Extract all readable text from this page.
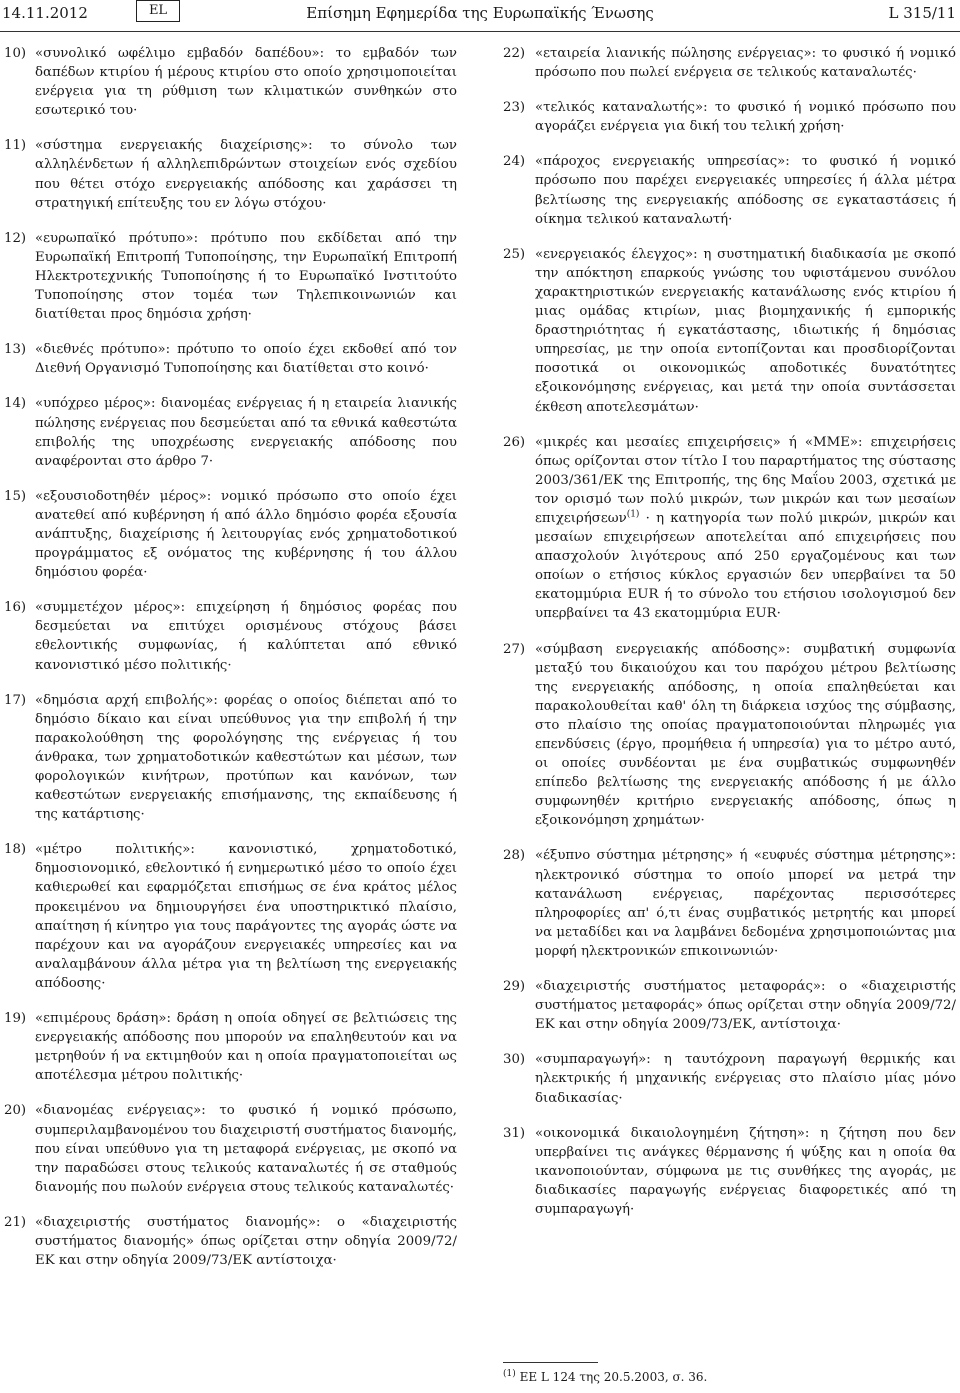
14.11.2012	EL	Επίσημη Εφημερίδα της Ευρωπαϊκής Ένωσης	L 315/11
10) «συνολικό ωφέλιμο εμβαδόν δαπέδου»: το εμβαδόν των δαπέδων κτιρίου ή μέρους κτιρίου στο οποίο χρησιμοποιείται ενέργεια για τη ρύθμιση των κλιματικών συνθηκών στο εσωτερικό του·
11) «σύστημα ενεργειακής διαχείρισης»: το σύνολο των αλληλένδετων ή αλληλεπιδρώντων στοιχείων ενός σχεδίου που θέτει στόχο ενεργειακής απόδοσης και χαράσσει τη στρατηγική επίτευξης του εν λόγω στόχου·
12) «ευρωπαϊκό πρότυπο»: πρότυπο που εκδίδεται από την Ευρωπαϊκή Επιτροπή Τυποποίησης, την Ευρωπαϊκή Επιτροπή Ηλεκτροτεχνικής Τυποποίησης ή το Ευρωπαϊκό Ινστιτούτο Τυποποίησης στον τομέα των Τηλεπικοινωνιών και διατίθεται προς δημόσια χρήση·
13) «διεθνές πρότυπο»: πρότυπο το οποίο έχει εκδοθεί από τον Διεθνή Οργανισμό Τυποποίησης και διατίθεται στο κοινό·
14) «υπόχρεο μέρος»: διανομέας ενέργειας ή η εταιρεία λιανικής πώλησης ενέργειας που δεσμεύεται από τα εθνικά καθεστώτα επιβολής της υποχρέωσης ενεργειακής απόδοσης που αναφέρονται στο άρθρο 7·
15) «εξουσιοδοτηθέν μέρος»: νομικό πρόσωπο στο οποίο έχει ανατεθεί από κυβέρνηση ή από άλλο δημόσιο φορέα εξουσία ανάπτυξης, διαχείρισης ή λειτουργίας ενός χρηματοδοτικού προγράμματος εξ ονόματος της κυβέρνησης ή του άλλου δημόσιου φορέα·
16) «συμμετέχον μέρος»: επιχείρηση ή δημόσιος φορέας που δεσμεύεται να επιτύχει ορισμένους στόχους βάσει εθελοντικής συμφωνίας, ή καλύπτεται από εθνικό κανονιστικό μέσο πολιτικής·
17) «δημόσια αρχή επιβολής»: φορέας ο οποίος διέπεται από το δημόσιο δίκαιο και είναι υπεύθυνος για την επιβολή ή την παρακολούθηση της φορολόγησης της ενέργειας ή του άνθρακα, των χρηματοδοτικών καθεστώτων και μέσων, των φορολογικών κινήτρων, προτύπων και κανόνων, των καθεστώτων ενεργειακής επισήμανσης, της εκπαίδευσης ή της κατάρτισης·
18) «μέτρο πολιτικής»: κανονιστικό, χρηματοδοτικό, δημοσιονομικό, εθελοντικό ή ενημερωτικό μέσο το οποίο έχει καθιερωθεί και εφαρμόζεται επισήμως σε ένα κράτος μέλος προκειμένου να δημιουργήσει ένα υποστηρικτικό πλαίσιο, απαίτηση ή κίνητρο για τους παράγοντες της αγοράς ώστε να παρέχουν και να αγοράζουν ενεργειακές υπηρεσίες και να αναλαμβάνουν άλλα μέτρα για τη βελτίωση της ενεργειακής απόδοσης·
19) «επιμέρους δράση»: δράση η οποία οδηγεί σε βελτιώσεις της ενεργειακής απόδοσης που μπορούν να επαληθευτούν και να μετρηθούν ή να εκτιμηθούν και η οποία πραγματοποιείται ως αποτέλεσμα μέτρου πολιτικής·
20) «διανομέας ενέργειας»: το φυσικό ή νομικό πρόσωπο, συμπεριλαμβανομένου του διαχειριστή συστήματος διανομής, που είναι υπεύθυνο για τη μεταφορά ενέργειας, με σκοπό να την παραδώσει στους τελικούς καταναλωτές ή σε σταθμούς διανομής που πωλούν ενέργεια στους τελικούς καταναλωτές·
21) «διαχειριστής συστήματος διανομής»: ο «διαχειριστής συστήματος διανομής» όπως ορίζεται στην οδηγία 2009/72/ΕΚ και στην οδηγία 2009/73/ΕΚ αντίστοιχα·
22) «εταιρεία λιανικής πώλησης ενέργειας»: το φυσικό ή νομικό πρόσωπο που πωλεί ενέργεια σε τελικούς καταναλωτές·
23) «τελικός καταναλωτής»: το φυσικό ή νομικό πρόσωπο που αγοράζει ενέργεια για δική του τελική χρήση·
24) «πάροχος ενεργειακής υπηρεσίας»: το φυσικό ή νομικό πρόσωπο που παρέχει ενεργειακές υπηρεσίες ή άλλα μέτρα βελτίωσης της ενεργειακής απόδοσης σε εγκαταστάσεις ή οίκημα τελικού καταναλωτή·
25) «ενεργειακός έλεγχος»: η συστηματική διαδικασία με σκοπό την απόκτηση επαρκούς γνώσης του υφιστάμενου συνόλου χαρακτηριστικών ενεργειακής κατανάλωσης ενός κτιρίου ή μιας ομάδας κτιρίων, μιας βιομηχανικής ή εμπορικής δραστηριότητας ή εγκατάστασης, ιδιωτικής ή δημόσιας υπηρεσίας, με την οποία εντοπίζονται και προσδιορίζονται ποσοτικά οι οικονομικώς αποδοτικές δυνατότητες εξοικονόμησης ενέργειας, και μετά την οποία συντάσσεται έκθεση αποτελεσμάτων·
26) «μικρές και μεσαίες επιχειρήσεις» ή «ΜΜΕ»: επιχειρήσεις όπως ορίζονται στον τίτλο I του παραρτήματος της σύστασης 2003/361/ΕΚ της Επιτροπής, της 6ης Μαΐου 2003, σχετικά με τον ορισμό των πολύ μικρών, των μικρών και των μεσαίων επιχειρήσεων$^{(1)}$ · η κατηγορία των πολύ μικρών, μικρών και μεσαίων επιχειρήσεων αποτελείται από επιχειρήσεις που απασχολούν λιγότερους από 250 εργαζομένους και των οποίων ο ετήσιος κύκλος εργασιών δεν υπερβαίνει τα 50 εκατομμύρια EUR ή το σύνολο του ετήσιου ισολογισμού δεν υπερβαίνει τα 43 εκατομμύρια EUR·
27) «σύμβαση ενεργειακής απόδοσης»: συμβατική συμφωνία μεταξύ του δικαιούχου και του παρόχου μέτρου βελτίωσης της ενεργειακής απόδοσης, η οποία επαληθεύεται και παρακολουθείται καθ' όλη τη διάρκεια ισχύος της σύμβασης, στο πλαίσιο της οποίας πραγματοποιούνται πληρωμές για επενδύσεις (έργο, προμήθεια ή υπηρεσία) για το μέτρο αυτό, οι οποίες συνδέονται με ένα συμβατικώς συμφωνηθέν επίπεδο βελτίωσης της ενεργειακής απόδοσης ή με άλλο συμφωνηθέν κριτήριο ενεργειακής απόδοσης, όπως η εξοικονόμηση χρημάτων·
28) «έξυπνο σύστημα μέτρησης» ή «ευφυές σύστημα μέτρησης»: ηλεκτρονικό σύστημα το οποίο μπορεί να μετρά την κατανάλωση ενέργειας, παρέχοντας περισσότερες πληροφορίες απ' ό,τι ένας συμβατικός μετρητής και μπορεί να μεταδίδει και να λαμβάνει δεδομένα χρησιμοποιώντας μια μορφή ηλεκτρονικών επικοινωνιών·
29) «διαχειριστής συστήματος μεταφοράς»: ο «διαχειριστής συστήματος μεταφοράς» όπως ορίζεται στην οδηγία 2009/72/ΕΚ και στην οδηγία 2009/73/ΕΚ, αντίστοιχα·
30) «συμπαραγωγή»: η ταυτόχρονη παραγωγή θερμικής και ηλεκτρικής ή μηχανικής ενέργειας στο πλαίσιο μίας μόνο διαδικασίας·
31) «οικονομικά δικαιολογημένη ζήτηση»: η ζήτηση που δεν υπερβαίνει τις ανάγκες θέρμανσης ή ψύξης και η οποία θα ικανοποιούνταν, σύμφωνα με τις συνθήκες της αγοράς, με διαδικασίες παραγωγής ενέργειας διαφορετικές από τη συμπαραγωγή·
$^{(1)}$ ΕΕ L 124 της 20.5.2003, σ. 36.
